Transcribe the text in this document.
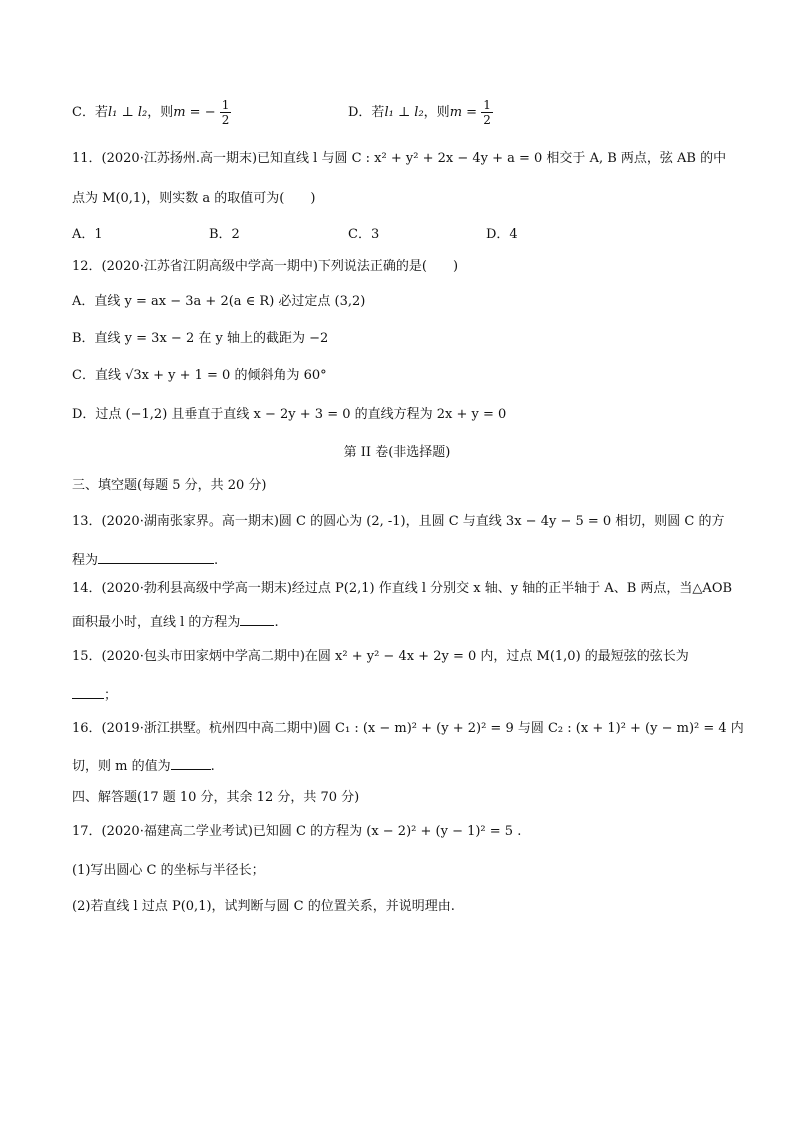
C．若l₁ ⊥ l₂，则m = − $\frac{1}{2}$	D．若l₁ ⊥ l₂，则$m = \frac{1}{2}$
11．(2020·江苏扬州.高一期末)已知直线 l 与圆 C : x² + y² + 2x − 4y + a = 0 相交于 A, B 两点，弦 AB 的中
点为 M(0,1)，则实数 a 的取值可为(　　)
A．1	B．2	C．3	D．4
12．(2020·江苏省江阴高级中学高一期中)下列说法正确的是(　　)
A．直线 y = ax − 3a + 2(a ∈ R) 必过定点 (3,2)
B．直线 y = 3x − 2 在 y 轴上的截距为 −2
C．直线 √3x + y + 1 = 0 的倾斜角为 60°
D．过点 (−1,2) 且垂直于直线 x − 2y + 3 = 0 的直线方程为 2x + y = 0
第 II 卷(非选择题)
三、填空题(每题 5 分，共 20 分)
13．(2020·湖南张家界。高一期末)圆 C 的圆心为 (2, -1)，且圆 C 与直线 3x − 4y − 5 = 0 相切，则圆 C 的方
程为	.
14．(2020·勃利县高级中学高一期末)经过点 P(2,1) 作直线 l 分别交 x 轴、y 轴的正半轴于 A、B 两点，当△AOB
面积最小时，直线 l 的方程为	.
15．(2020·包头市田家炳中学高二期中)在圆 x² + y² − 4x + 2y = 0 内，过点 M(1,0) 的最短弦的弦长为
；
16．(2019·浙江拱墅。杭州四中高二期中)圆 C₁ : (x − m)² + (y + 2)² = 9 与圆 C₂ : (x + 1)² + (y − m)² = 4 内
切，则 m 的值为	.
四、解答题(17 题 10 分，其余 12 分，共 70 分)
17．(2020·福建高二学业考试)已知圆 C 的方程为 (x − 2)² + (y − 1)² = 5 .
(1)写出圆心 C 的坐标与半径长；
(2)若直线 l 过点 P(0,1)，试判断与圆 C 的位置关系，并说明理由.
